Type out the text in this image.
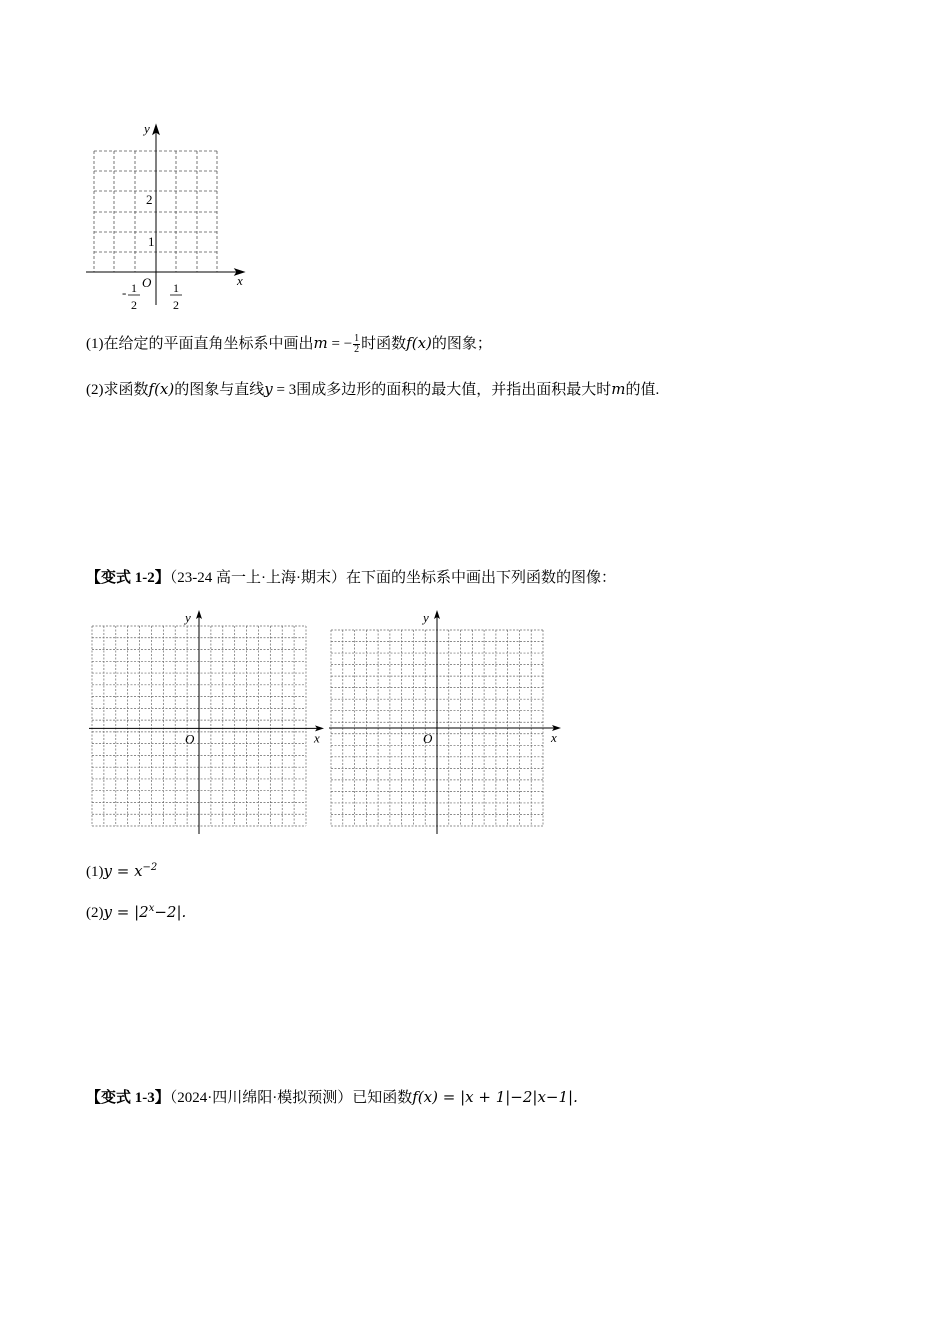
y
x
2
1
O
- 1
2
1
2
(1)在给定的平面直角坐标系中画出m = − $\frac{1}{2}$ 时函数f(x)的图象；
(2)求函数f(x)的图象与直线y = 3围成多边形的面积的最大值，并指出面积最大时m的值.
【变式 1-2】（23-24 高一上·上海·期末）在下面的坐标系中画出下列函数的图像：
y
x
O
y
x
O
$(1)y = x^{-2}$
$(2)y = |2^x-2|$.
【变式 1-3】（2024·四川绵阳·模拟预测）已知函数f(x) = |x + 1|−2|x−1|.
